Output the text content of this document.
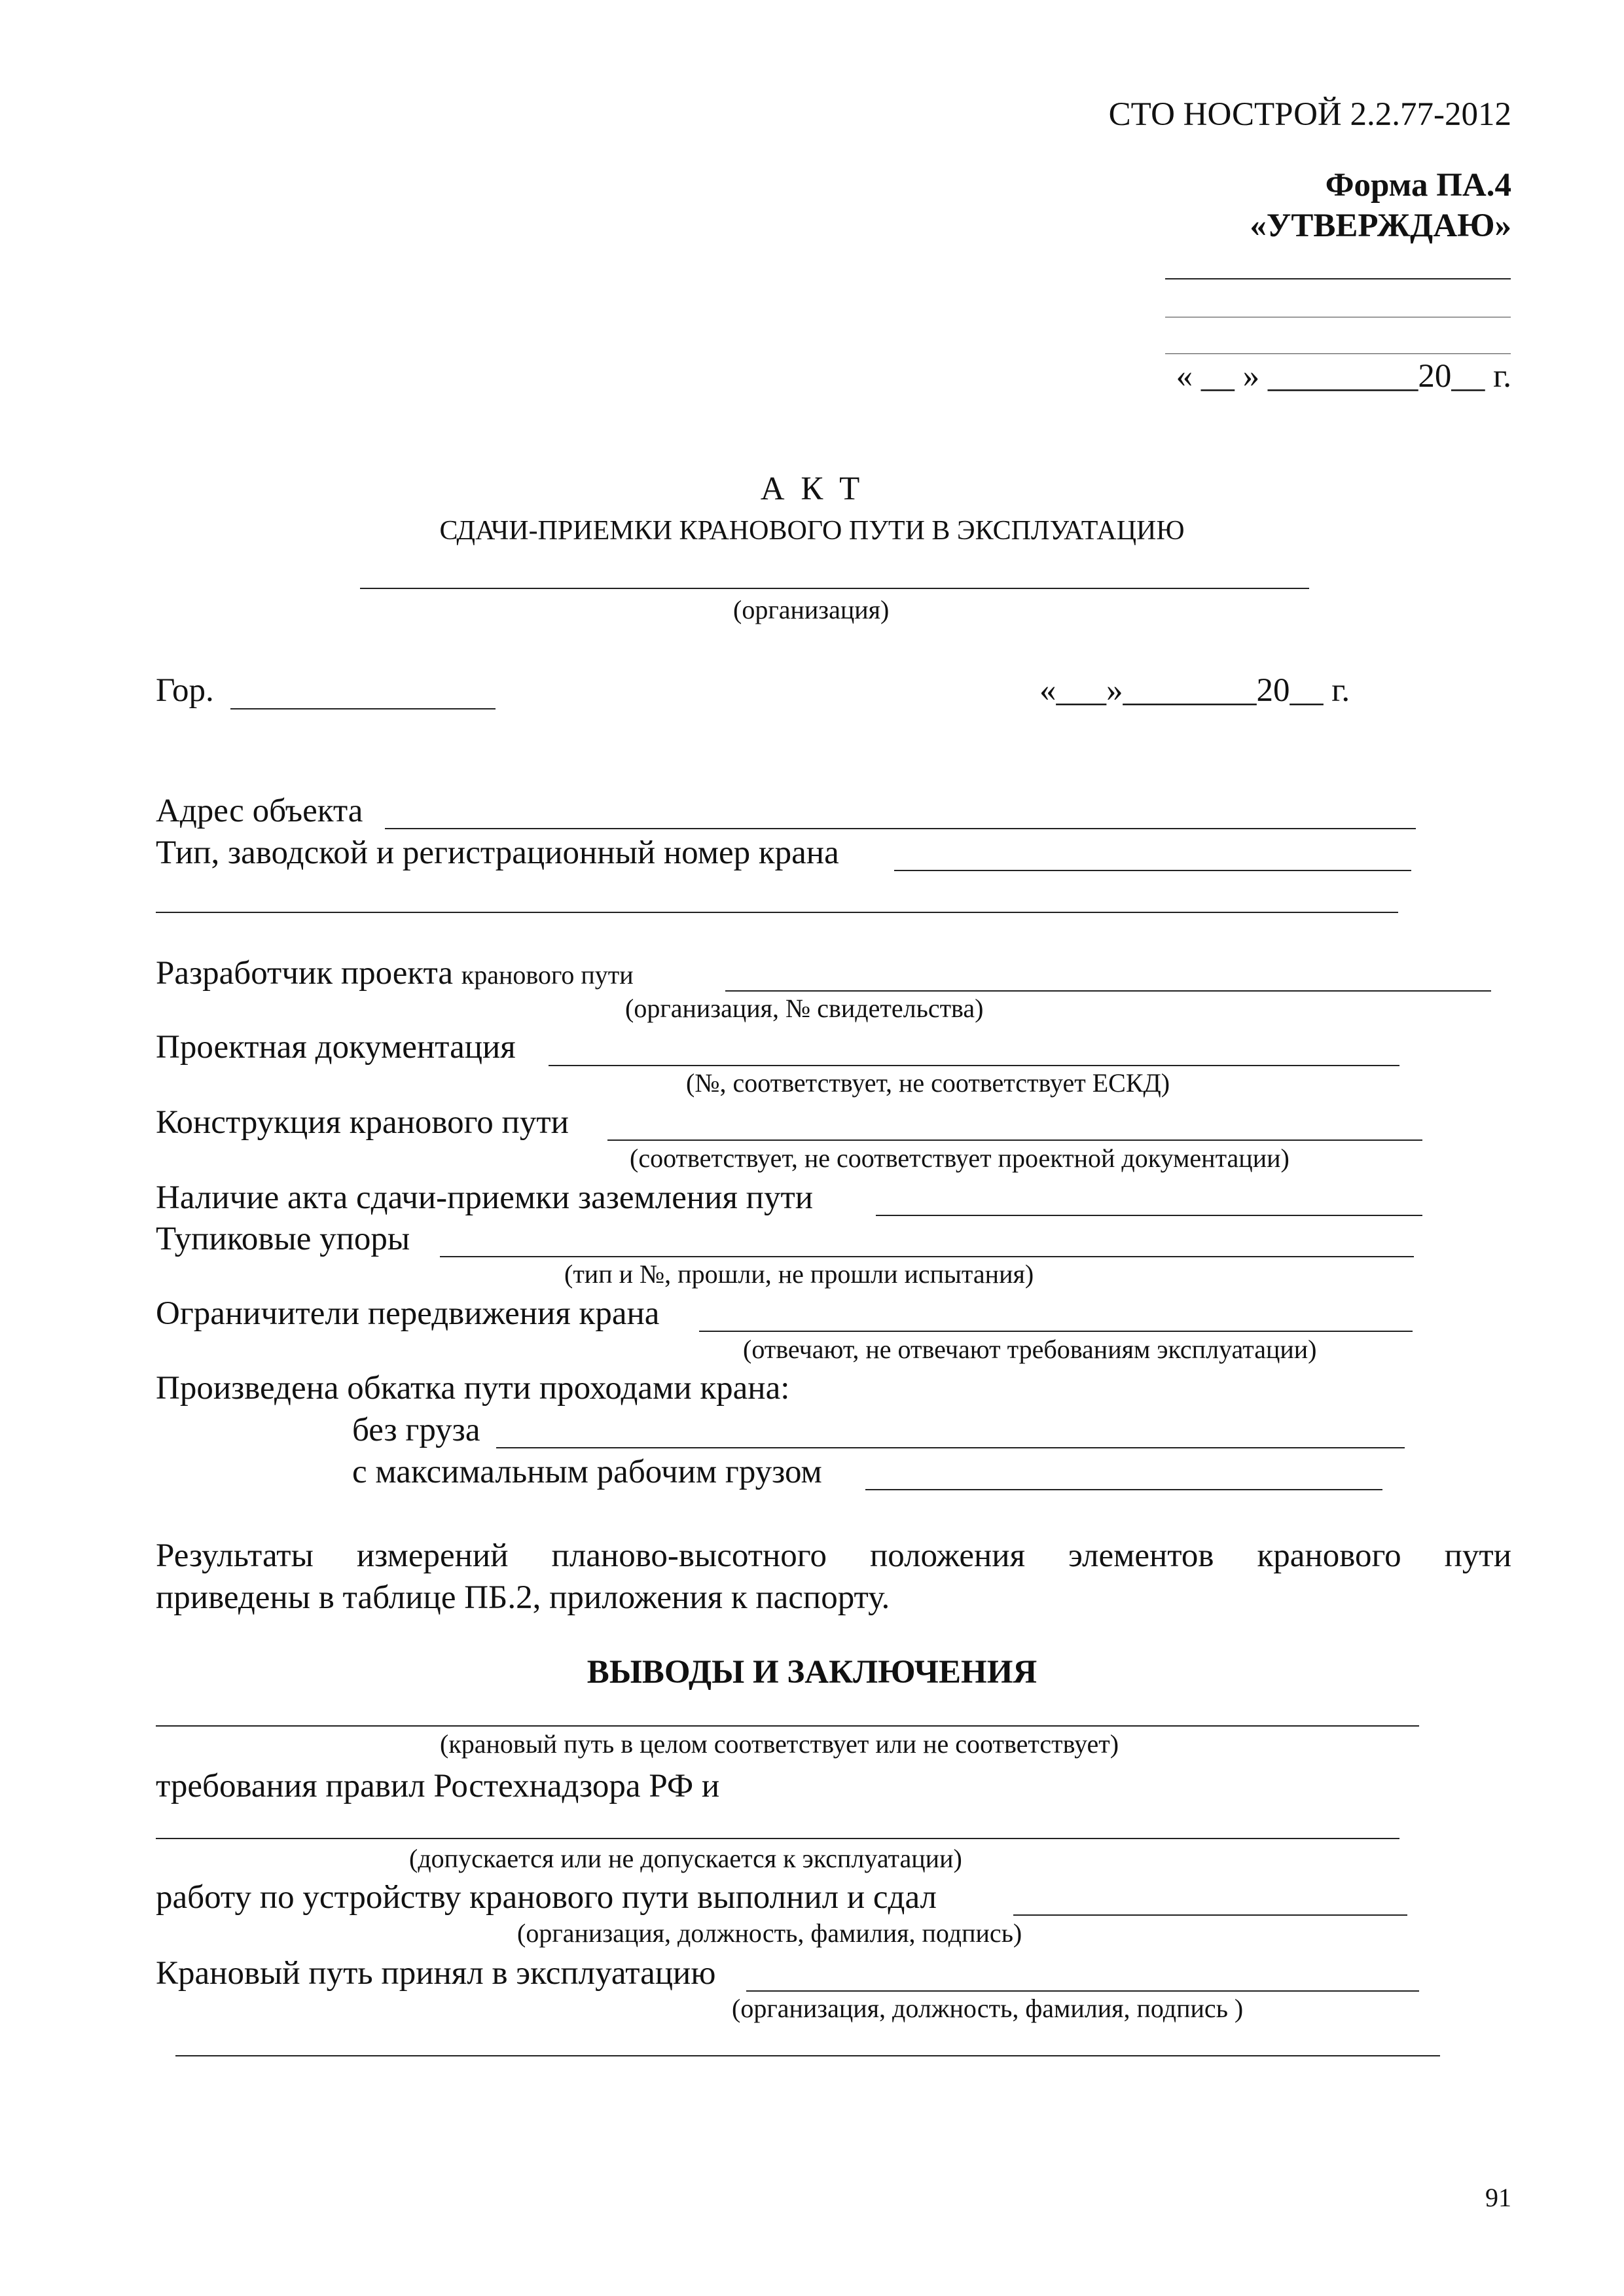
СТО НОСТРОЙ 2.2.77-2012
Форма ПА.4
«УТВЕРЖДАЮ»
« __ » _________20__ г.
А К Т
СДАЧИ-ПРИЕМКИ КРАНОВОГО ПУТИ В ЭКСПЛУАТАЦИЮ
(организация)
Гор.	«___»________20__ г.
Адрес объекта
Тип, заводской и регистрационный номер крана
Разработчик проекта кранового пути
(организация, № свидетельства)
Проектная документация
(№, соответствует, не соответствует ЕСКД)
Конструкция кранового пути
(соответствует, не соответствует проектной документации)
Наличие акта сдачи-приемки заземления пути
Тупиковые упоры
(тип и №, прошли, не прошли испытания)
Ограничители передвижения крана
(отвечают, не отвечают требованиям эксплуатации)
Произведена обкатка пути проходами крана:
без груза
с максимальным рабочим грузом
Результаты измерений планово-высотного положения элементов кранового пути
приведены в таблице ПБ.2, приложения к паспорту.
ВЫВОДЫ И ЗАКЛЮЧЕНИЯ
(крановый путь в целом соответствует или не соответствует)
требования правил Ростехнадзора РФ и
(допускается или не допускается к эксплуатации)
работу по устройству кранового пути выполнил и сдал
(организация, должность, фамилия, подпись)
Крановый путь принял в эксплуатацию
(организация, должность, фамилия, подпись )
91
